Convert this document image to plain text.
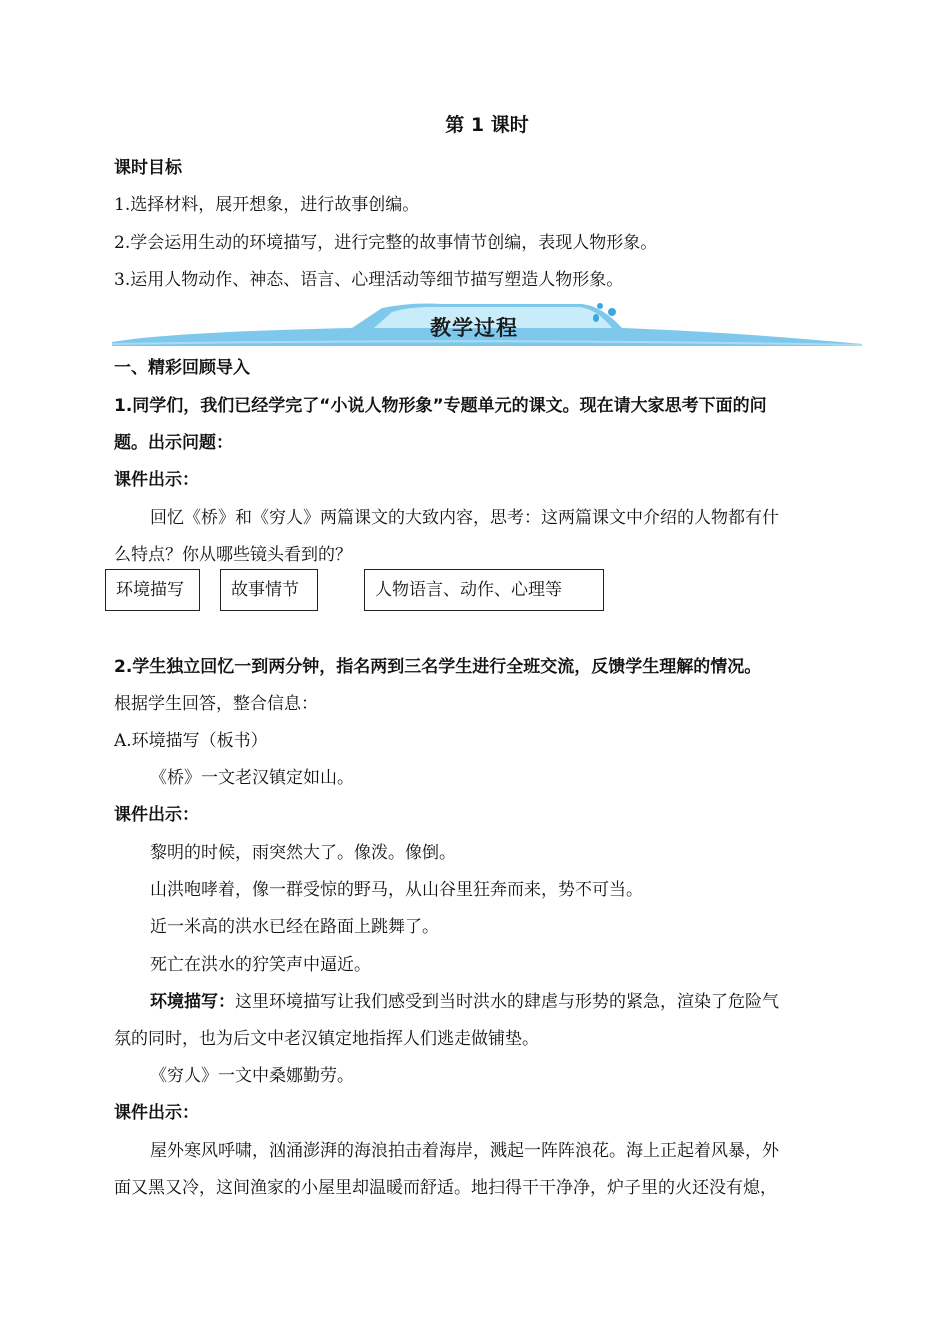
第 1 课时
课时目标
1.选择材料，展开想象，进行故事创编。
2.学会运用生动的环境描写，进行完整的故事情节创编，表现人物形象。
3.运用人物动作、神态、语言、心理活动等细节描写塑造人物形象。
教学过程
一、精彩回顾导入
1.同学们，我们已经学完了“小说人物形象”专题单元的课文。现在请大家思考下面的问
题。出示问题：
课件出示：
回忆《桥》和《穷人》两篇课文的大致内容，思考：这两篇课文中介绍的人物都有什
么特点？你从哪些镜头看到的？
环境描写	故事情节	人物语言、动作、心理等
2.学生独立回忆一到两分钟，指名两到三名学生进行全班交流，反馈学生理解的情况。
根据学生回答，整合信息：
A.环境描写（板书）
《桥》一文老汉镇定如山。
课件出示：
黎明的时候，雨突然大了。像泼。像倒。
山洪咆哮着，像一群受惊的野马，从山谷里狂奔而来，势不可当。
近一米高的洪水已经在路面上跳舞了。
死亡在洪水的狞笑声中逼近。
环境描写：这里环境描写让我们感受到当时洪水的肆虐与形势的紧急，渲染了危险气
氛的同时，也为后文中老汉镇定地指挥人们逃走做铺垫。
《穷人》一文中桑娜勤劳。
课件出示：
屋外寒风呼啸，汹涌澎湃的海浪拍击着海岸，溅起一阵阵浪花。海上正起着风暴，外
面又黑又冷，这间渔家的小屋里却温暖而舒适。地扫得干干净净，炉子里的火还没有熄，
